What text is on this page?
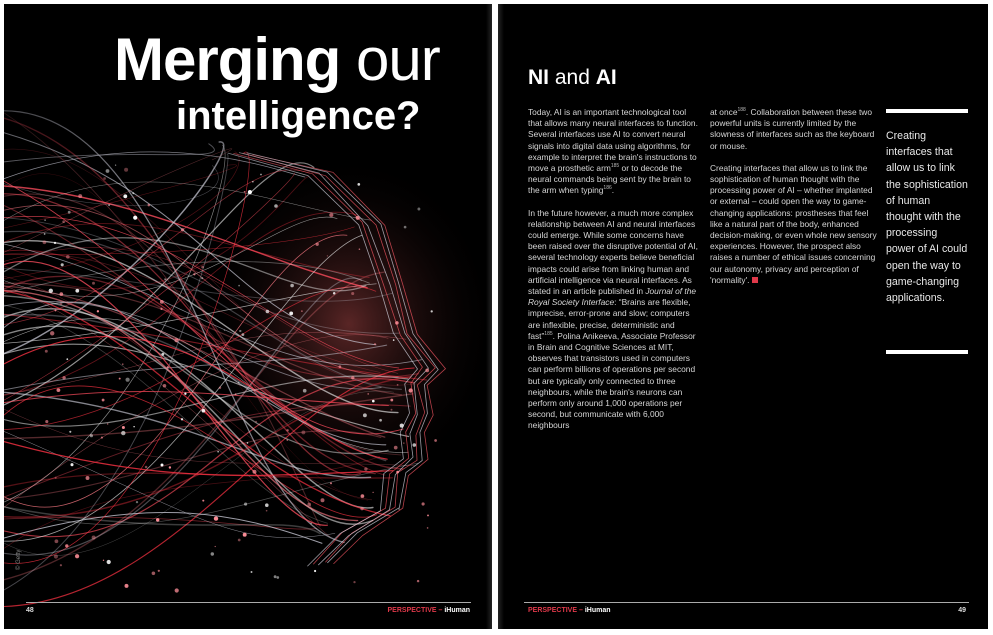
Merging our
intelligence?
© Getty
48	PERSPECTIVE – iHuman
NI and AI

Today, AI is an important technological tool that allows many neural interfaces to function. Several interfaces use AI to convert neural signals into digital data using algorithms, for example to interpret the brain's instructions to move a prosthetic arm$^{185}$ or to decode the neural commands being sent by the brain to the arm when typing$^{186}$.

In the future however, a much more complex relationship between AI and neural interfaces could emerge. While some concerns have been raised over the disruptive potential of AI, several technology experts believe beneficial impacts could arise from linking human and artificial intelligence via neural interfaces. As stated in an article published in Journal of the Royal Society Interface: “Brains are flexible, imprecise, error-prone and slow; computers are inflexible, precise, deterministic and fast”$^{185}$. Polina Anikeeva, Associate Professor in Brain and Cognitive Sciences at MIT, observes that transistors used in computers can perform billions of operations per second but are typically only connected to three neighbours, while the brain's neurons can perform only around 1,000 operations per second, but communicate with 6,000 neighbours

at once$^{188}$. Collaboration between these two powerful units is currently limited by the slowness of interfaces such as the keyboard or mouse.

Creating interfaces that allow us to link the sophistication of human thought with the processing power of AI – whether implanted or external – could open the way to game-changing applications: prostheses that feel like a natural part of the body, enhanced decision-making, or even whole new sensory experiences. However, the prospect also raises a number of ethical issues concerning our autonomy, privacy and perception of 'normality'.

Creating interfaces that allow us to link the sophistication of human thought with the processing power of AI could open the way to game-changing applications.
PERSPECTIVE – iHuman	49
